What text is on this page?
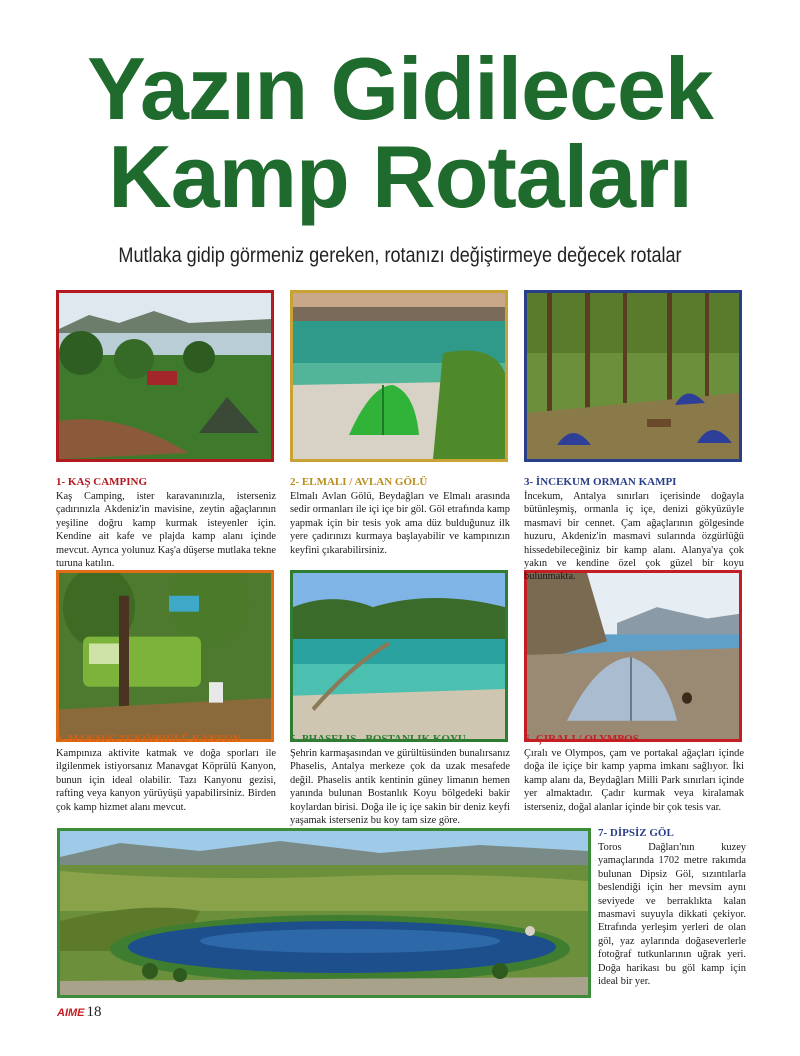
Yazın Gidilecek
Kamp Rotaları
Mutlaka gidip görmeniz gereken, rotanızı değiştirmeye değecek rotalar
1- KAŞ CAMPING

Kaş Camping, ister karavanınızla, isterseniz çadırınızla Akdeniz'in mavisine, zeytin ağaçlarının yeşiline doğru kamp kurmak isteyenler için. Kendine ait kafe ve plajda kamp alanı içinde mevcut. Ayrıca yolunuz Kaş'a düşerse mutlaka tekne turuna katılın.

2- ELMALI / AVLAN GÖLÜ

Elmalı Avlan Gölü, Beydağları ve Elmalı arasında sedir ormanları ile içi içe bir göl. Göl etrafında kamp yapmak için bir tesis yok ama düz bulduğunuz ilk yere çadırınızı kurmaya başlayabilir ve kampınızın keyfini çıkarabilirsiniz.

3- İNCEKUM ORMAN KAMPI

İncekum, Antalya sınırları içerisinde doğayla bütünleşmiş, ormanla iç içe, denizi gökyüzüyle masmavi bir cennet. Çam ağaçlarının gölgesinde huzuru, Akdeniz'in masmavi sularında özgürlüğü hissedebileceğiniz bir kamp alanı. Alanya'ya çok yakın ve kendine özel çok güzel bir koyu bulunmakta.

4- MANAVGAT KÖPRÜLÜ KANYON

Kampınıza aktivite katmak ve doğa sporları ile ilgilenmek istiyorsanız Manavgat Köprülü Kanyon, bunun için ideal olabilir. Tazı Kanyonu gezisi, rafting veya kanyon yürüyüşü yapabilirsiniz. Birden çok kamp hizmet alanı mevcut.

5- PHASELIS - BOSTANLIK KOYU

Şehrin karmaşasından ve gürültüsünden bunalırsanız Phaselis, Antalya merkeze çok da uzak mesafede değil. Phaselis antik kentinin güney limanın hemen yanında bulunan Bostanlık Koyu bölgedeki bakir koylardan birisi. Doğa ile iç içe sakin bir deniz keyfi yaşamak isterseniz bu koy tam size göre.

6- ÇIRALI / OLYMPOS

Çıralı ve Olympos, çam ve portakal ağaçları içinde doğa ile içiçe bir kamp yapma imkanı sağlıyor. İki kamp alanı da, Beydağları Milli Park sınırları içinde yer almaktadır. Çadır kurmak veya kiralamak isterseniz, doğal alanlar içinde bir çok tesis var.

7- DİPSİZ GÖL

Toros Dağları'nın kuzey yamaçlarında 1702 metre rakımda bulunan Dipsiz Göl, sızıntılarla beslendiği için her mevsim aynı seviyede ve berraklıkta kalan masmavi suyuyla dikkati çekiyor. Etrafında yerleşim yerleri de olan göl, yaz aylarında doğaseverlerle fotoğraf tutkunlarının uğrak yeri. Doğa harikası bu göl kamp için ideal bir yer.

AIME 18
